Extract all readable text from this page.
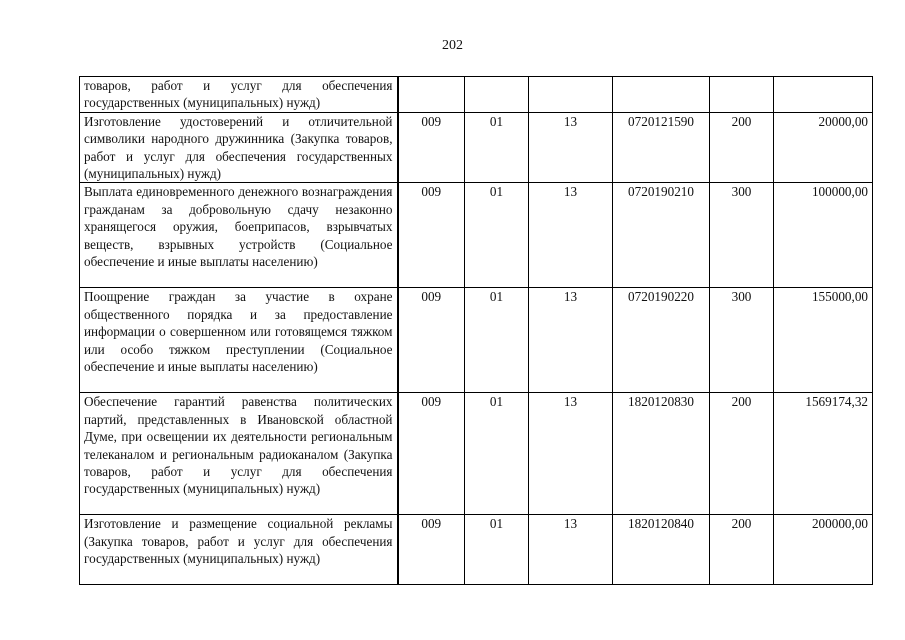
202
товаров, работ и услуг для обеспечения государственных (муниципальных) нужд)						
Изготовление удостоверений и отличительной символики народного дружинника (Закупка товаров, работ и услуг для обеспечения государственных (муниципальных) нужд)	009	01	13	0720121590	200	20000,00
Выплата единовременного денежного вознаграждения гражданам за добровольную сдачу незаконно хранящегося оружия, боеприпасов, взрывчатых веществ, взрывных устройств (Социальное обеспечение и иные выплаты населению)	009	01	13	0720190210	300	100000,00
Поощрение граждан за участие в охране общественного порядка и за предоставление информации о совершенном или готовящемся тяжком или особо тяжком преступлении (Социальное обеспечение и иные выплаты населению)	009	01	13	0720190220	300	155000,00
Обеспечение гарантий равенства политических партий, представленных в Ивановской областной Думе, при освещении их деятельности региональным телеканалом и региональным радиоканалом (Закупка товаров, работ и услуг для обеспечения государственных (муниципальных) нужд)	009	01	13	1820120830	200	1569174,32
Изготовление и размещение социальной рекламы (Закупка товаров, работ и услуг для обеспечения государственных (муниципальных) нужд)	009	01	13	1820120840	200	200000,00
